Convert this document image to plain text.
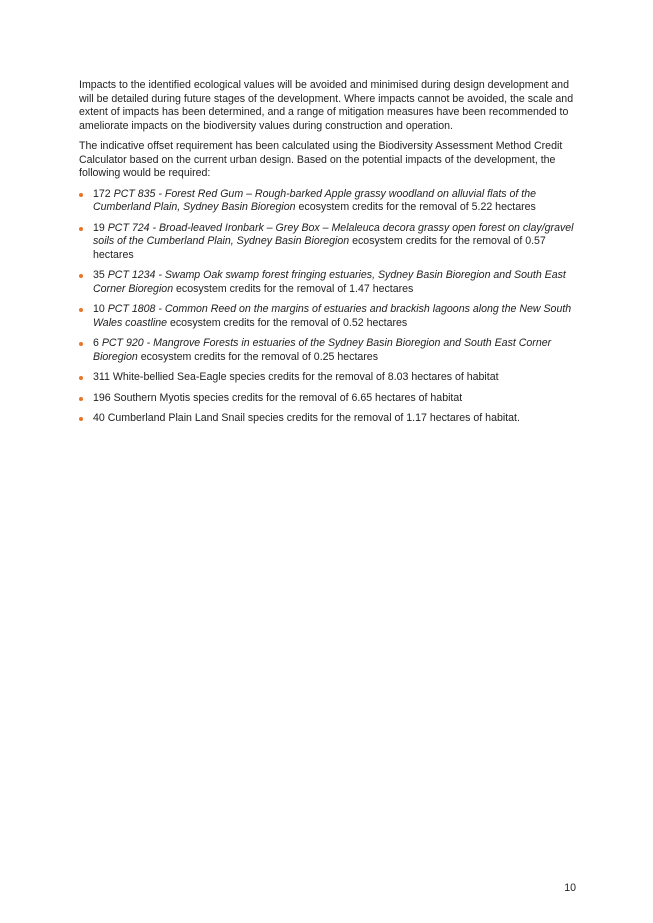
Impacts to the identified ecological values will be avoided and minimised during design development and will be detailed during future stages of the development. Where impacts cannot be avoided, the scale and extent of impacts has been determined, and a range of mitigation measures have been recommended to ameliorate impacts on the biodiversity values during construction and operation.

The indicative offset requirement has been calculated using the Biodiversity Assessment Method Credit Calculator based on the current urban design. Based on the potential impacts of the development, the following would be required:

172 PCT 835 - Forest Red Gum – Rough-barked Apple grassy woodland on alluvial flats of the Cumberland Plain, Sydney Basin Bioregion ecosystem credits for the removal of 5.22 hectares
19 PCT 724 - Broad-leaved Ironbark – Grey Box – Melaleuca decora grassy open forest on clay/gravel soils of the Cumberland Plain, Sydney Basin Bioregion ecosystem credits for the removal of 0.57 hectares
35 PCT 1234 - Swamp Oak swamp forest fringing estuaries, Sydney Basin Bioregion and South East Corner Bioregion ecosystem credits for the removal of 1.47 hectares
10 PCT 1808 - Common Reed on the margins of estuaries and brackish lagoons along the New South Wales coastline ecosystem credits for the removal of 0.52 hectares
6 PCT 920 - Mangrove Forests in estuaries of the Sydney Basin Bioregion and South East Corner Bioregion ecosystem credits for the removal of 0.25 hectares
311 White-bellied Sea-Eagle species credits for the removal of 8.03 hectares of habitat
196 Southern Myotis species credits for the removal of 6.65 hectares of habitat
40 Cumberland Plain Land Snail species credits for the removal of 1.17 hectares of habitat.
10
